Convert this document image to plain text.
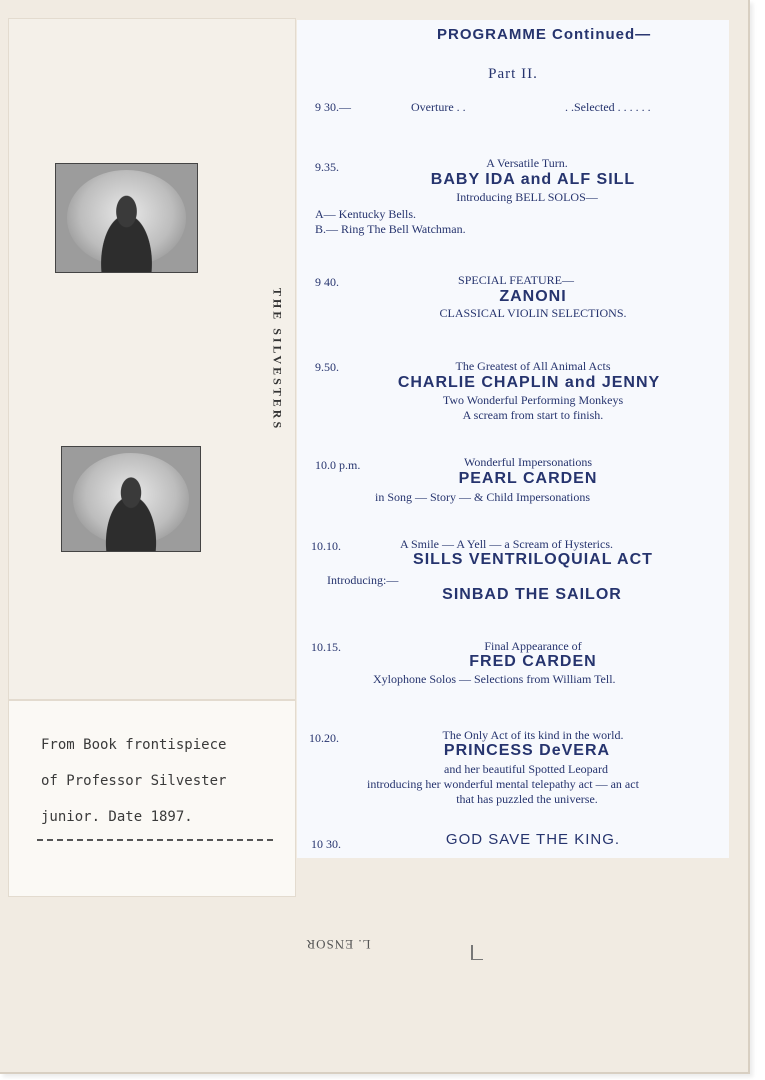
THE SILVESTERS
From Book frontispiece
of Professor Silvester
junior. Date 1897.
PROGRAMME Continued—
Part II.
9 30.—	Overture . .	. .Selected . . . . . .
9.35.	A Versatile Turn.
BABY IDA and ALF SILL
Introducing BELL SOLOS—
A— Kentucky Bells.
B.— Ring The Bell Watchman.
9 40.	SPECIAL FEATURE—
ZANONI
CLASSICAL VIOLIN SELECTIONS.
9.50.	The Greatest of All Animal Acts
CHARLIE CHAPLIN and JENNY
Two Wonderful Performing Monkeys
A scream from start to finish.
10.0 p.m.	Wonderful Impersonations
PEARL CARDEN
in Song — Story — & Child Impersonations
10.10.	A Smile — A Yell — a Scream of Hysterics.
SILLS VENTRILOQUIAL ACT
Introducing:—
SINBAD THE SAILOR
10.15.	Final Appearance of
FRED CARDEN
Xylophone Solos — Selections from William Tell.
10.20.	The Only Act of its kind in the world.
PRINCESS DeVERA
and her beautiful Spotted Leopard
introducing her wonderful mental telepathy act — an act
that has puzzled the universe.
10 30.	GOD SAVE THE KING.
L. ENSOR
